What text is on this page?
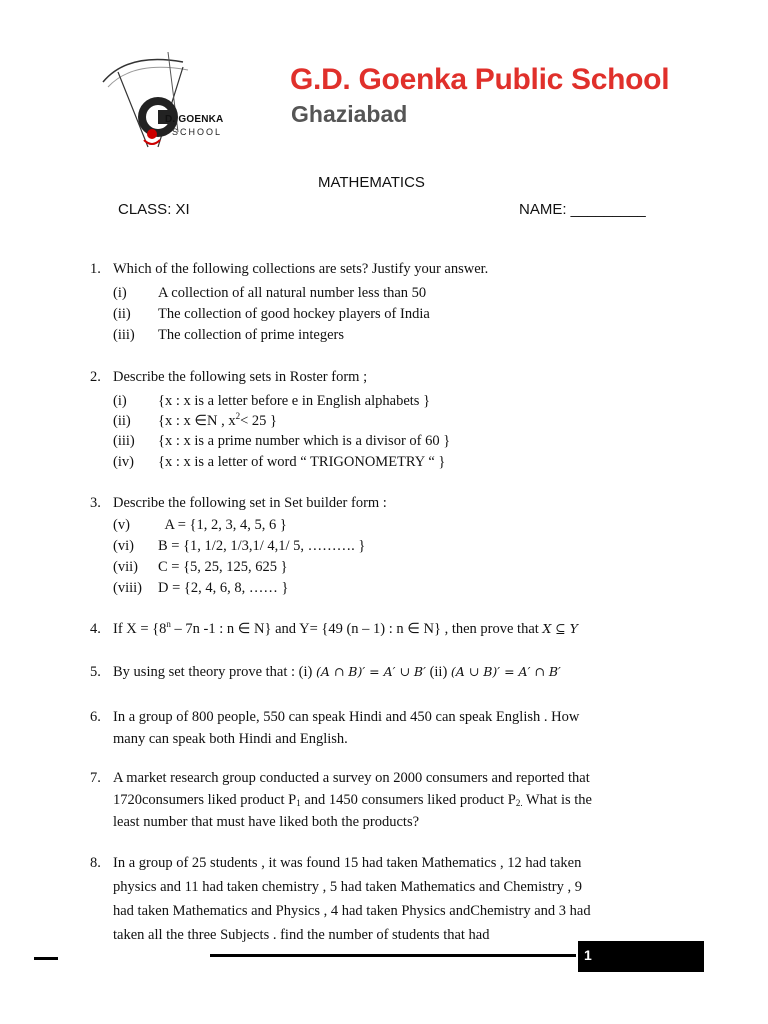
D. GOENKA
SCHOOL
G.D. Goenka Public School
Ghaziabad
MATHEMATICS
CLASS: XI	NAME: _________
1. Which of the following collections are sets? Justify your answer.
(i) A collection of all natural number less than 50
(ii) The collection of good hockey players of India
(iii) The collection of prime integers
2. Describe the following sets in Roster form ;
(i) {x : x is a letter before e in English alphabets }
(ii) {x : x ∈N , $x^2< 25$ }
(iii) {x : x is a prime number which is a divisor of 60 }
(iv) {x : x is a letter of word “ TRIGONOMETRY “ }
3. Describe the following set in Set builder form :
(v) A = {1, 2, 3, 4, 5, 6 }
(vi) B = {1, 1/2, 1/3,1/ 4,1/ 5, ………. }
(vii) C = {5, 25, 125, 625 }
(viii) D = {2, 4, 6, 8, …… }
4. If $X = \{8^n - 7n$ -1 : n ∈ N} and Y= {49 (n – 1) : n ∈ N} , then prove that X ⊆ Y
5. By using set theory prove that : (i) (A ∩ B)′ = A′ ∪ B′ (ii) (A ∪ B)′ = A′ ∩ B′
6. In a group of 800 people, 550 can speak Hindi and 450 can speak English . How
many can speak both Hindi and English.
7. A market research group conducted a survey on 2000 consumers and reported that
1720consumers liked product $P_1$ and 1450 consumers liked product $P_{2.}$ What is the
least number that must have liked both the products?
8. In a group of 25 students , it was found 15 had taken Mathematics , 12 had taken
physics and 11 had taken chemistry , 5 had taken Mathematics and Chemistry , 9
had taken Mathematics and Physics , 4 had taken Physics andChemistry and 3 had
taken all the three Subjects . find the number of students that had
1
